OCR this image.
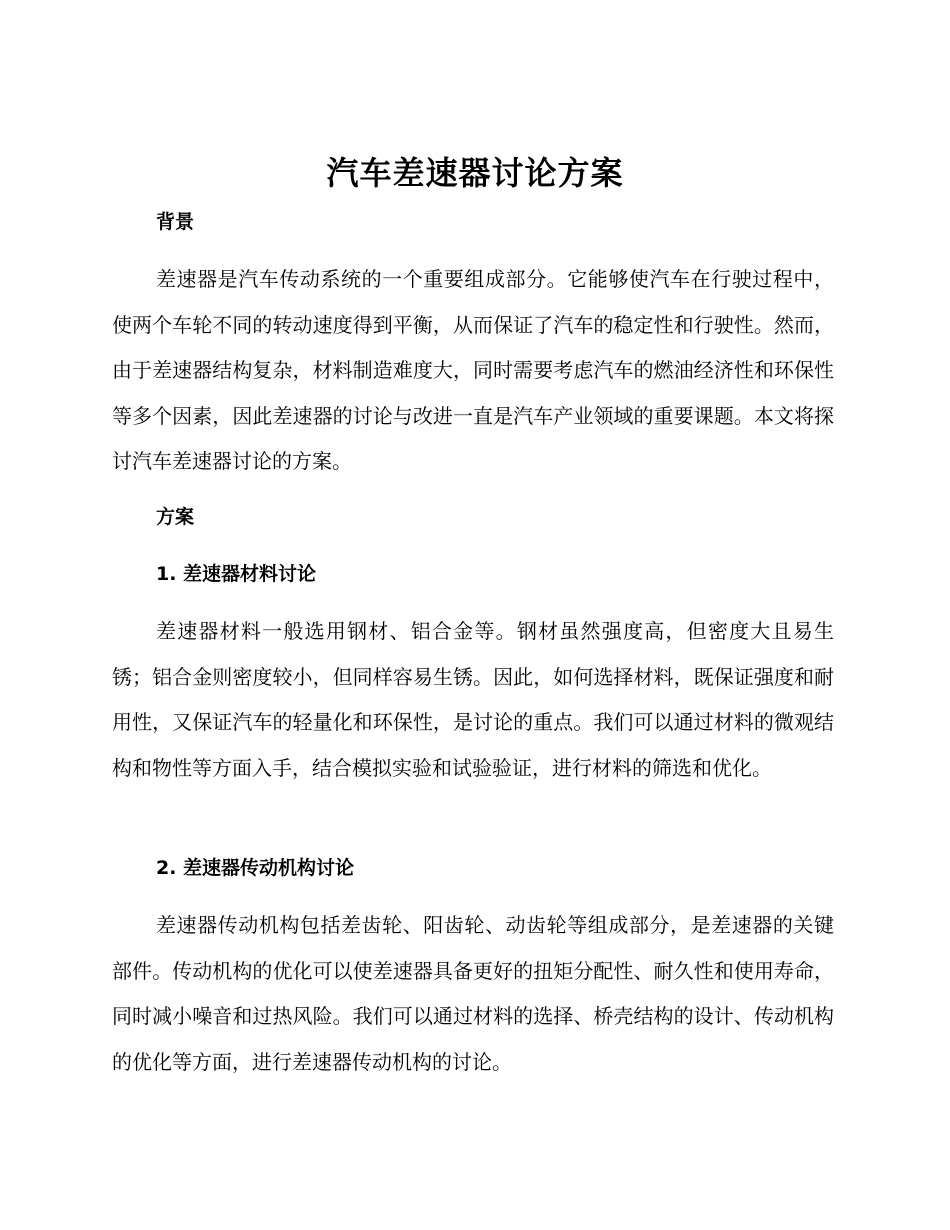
汽车差速器讨论方案
背景

差速器是汽车传动系统的一个重要组成部分。它能够使汽车在行驶过程中，使两个车轮不同的转动速度得到平衡，从而保证了汽车的稳定性和行驶性。然而，由于差速器结构复杂，材料制造难度大，同时需要考虑汽车的燃油经济性和环保性等多个因素，因此差速器的讨论与改进一直是汽车产业领域的重要课题。本文将探讨汽车差速器讨论的方案。

方案
1. 差速器材料讨论

差速器材料一般选用钢材、铝合金等。钢材虽然强度高，但密度大且易生锈；铝合金则密度较小，但同样容易生锈。因此，如何选择材料，既保证强度和耐用性，又保证汽车的轻量化和环保性，是讨论的重点。我们可以通过材料的微观结构和物性等方面入手，结合模拟实验和试验验证，进行材料的筛选和优化。

2. 差速器传动机构讨论

差速器传动机构包括差齿轮、阳齿轮、动齿轮等组成部分，是差速器的关键部件。传动机构的优化可以使差速器具备更好的扭矩分配性、耐久性和使用寿命，同时减小噪音和过热风险。我们可以通过材料的选择、桥壳结构的设计、传动机构的优化等方面，进行差速器传动机构的讨论。
